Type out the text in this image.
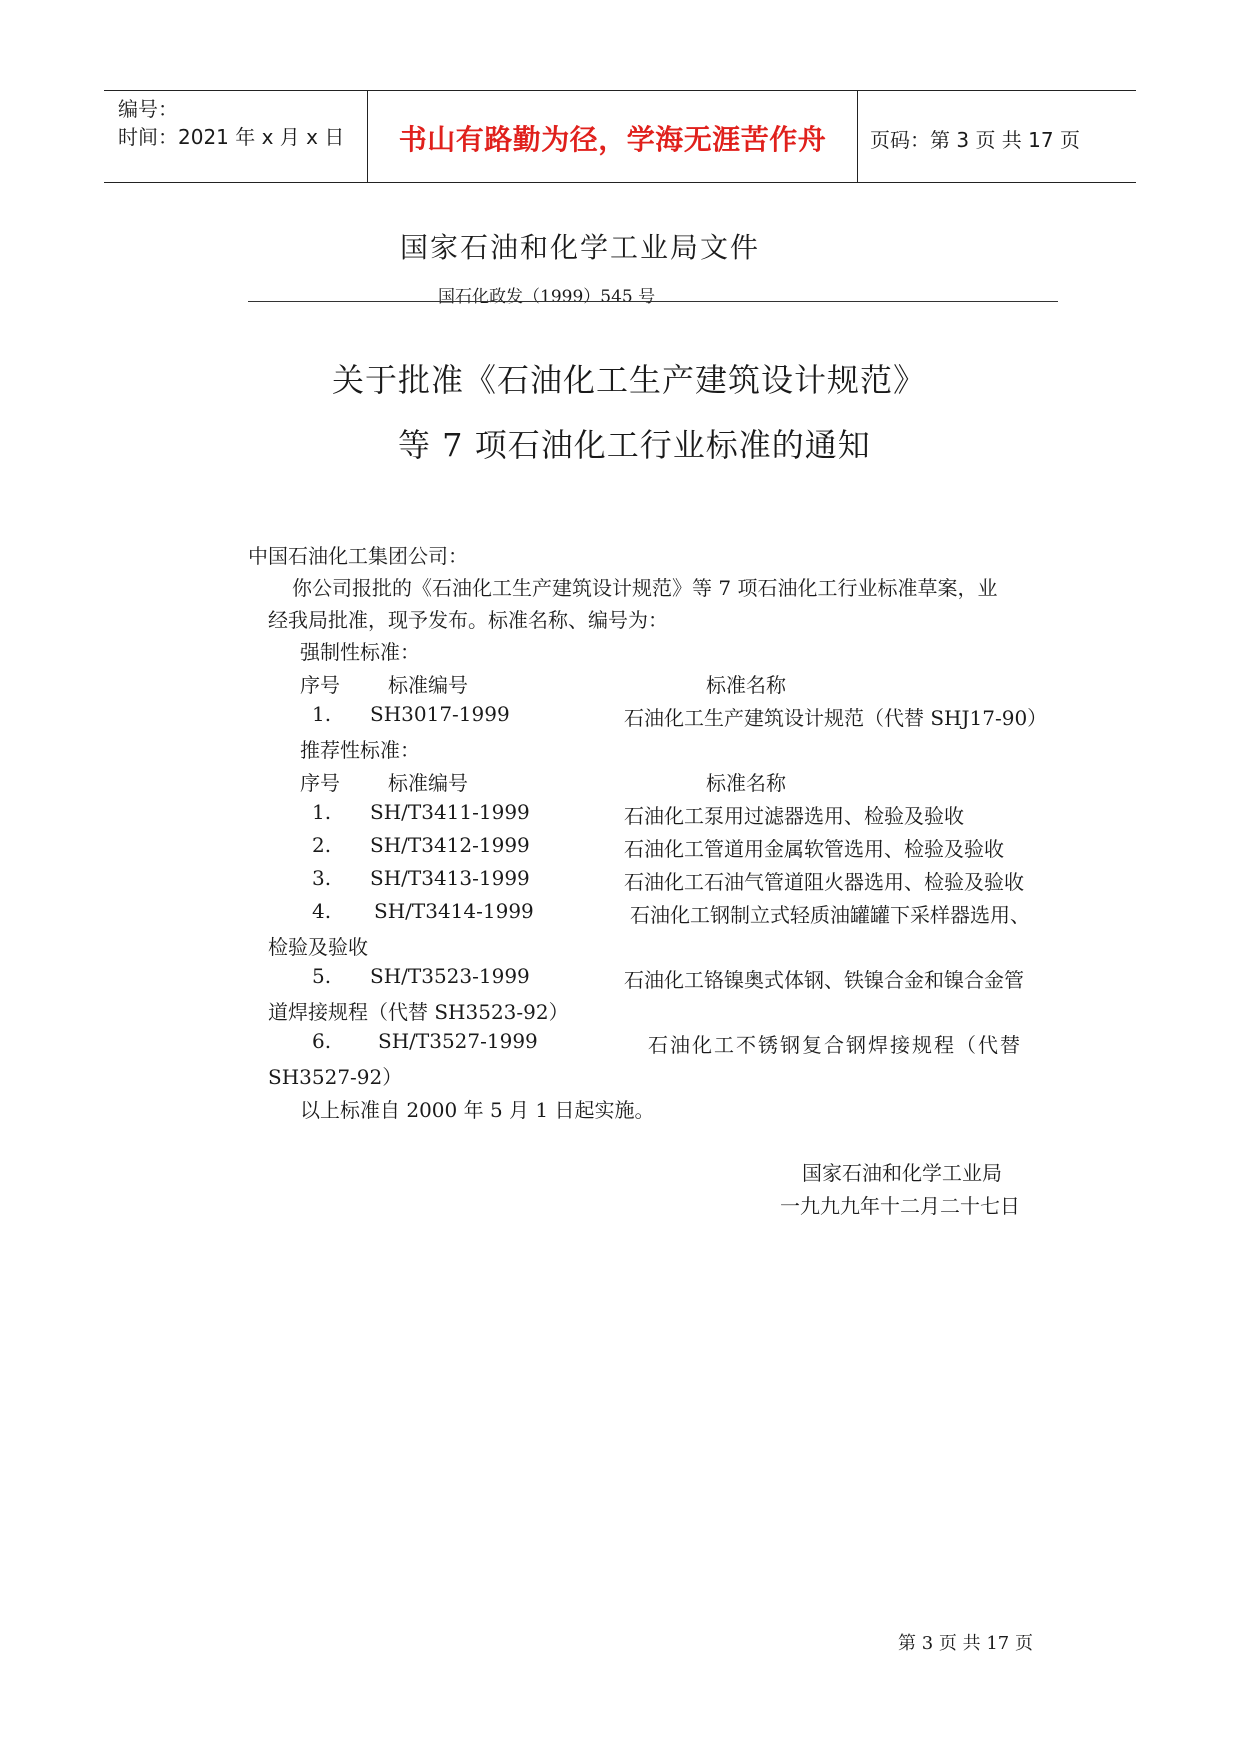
编号：
时间：2021 年 x 月 x 日	书山有路勤为径，学海无涯苦作舟	页码：第 3 页 共 17 页
国家石油和化学工业局文件
国石化政发（1999）545 号
关于批准《石油化工生产建筑设计规范》
等 7 项石油化工行业标准的通知
中国石油化工集团公司：
你公司报批的《石油化工生产建筑设计规范》等 7 项石油化工行业标准草案，业
经我局批准，现予发布。标准名称、编号为：
强制性标准：
序号 标准编号	标准名称
1. SH3017-1999	石油化工生产建筑设计规范（代替 SHJ17-90）
推荐性标准：
序号 标准编号	标准名称
1. SH/T3411-1999	石油化工泵用过滤器选用、检验及验收
2. SH/T3412-1999	石油化工管道用金属软管选用、检验及验收
3. SH/T3413-1999	石油化工石油气管道阻火器选用、检验及验收
4. SH/T3414-1999	石油化工钢制立式轻质油罐罐下采样器选用、
检验及验收
5. SH/T3523-1999	石油化工铬镍奥式体钢、铁镍合金和镍合金管
道焊接规程（代替 SH3523-92）
6. SH/T3527-1999	石油化工不锈钢复合钢焊接规程（代替
SH3527-92）
以上标准自 2000 年 5 月 1 日起实施。
国家石油和化学工业局
一九九九年十二月二十七日
第 3 页 共 17 页
